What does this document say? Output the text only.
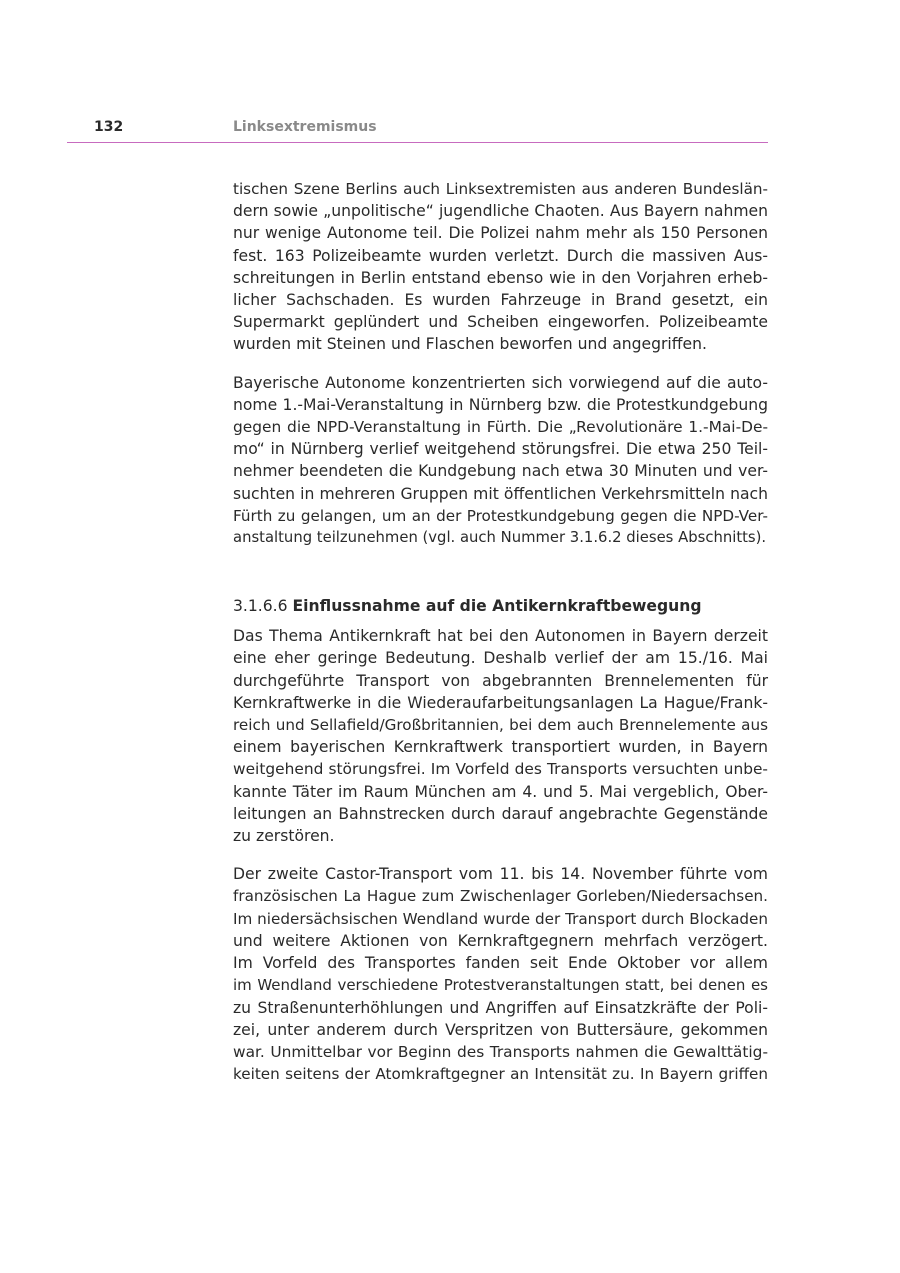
132	Linksextremismus
tischen Szene Berlins auch Linksextremisten aus anderen Bundeslän-
dern sowie „unpolitische“ jugendliche Chaoten. Aus Bayern nahmen
nur wenige Autonome teil. Die Polizei nahm mehr als 150 Personen
fest. 163 Polizeibeamte wurden verletzt. Durch die massiven Aus-
schreitungen in Berlin entstand ebenso wie in den Vorjahren erheb-
licher Sachschaden. Es wurden Fahrzeuge in Brand gesetzt, ein
Supermarkt geplündert und Scheiben eingeworfen. Polizeibeamte
wurden mit Steinen und Flaschen beworfen und angegriffen.
Bayerische Autonome konzentrierten sich vorwiegend auf die auto-
nome 1.-Mai-Veranstaltung in Nürnberg bzw. die Protestkundgebung
gegen die NPD-Veranstaltung in Fürth. Die „Revolutionäre 1.-Mai-De-
mo“ in Nürnberg verlief weitgehend störungsfrei. Die etwa 250 Teil-
nehmer beendeten die Kundgebung nach etwa 30 Minuten und ver-
suchten in mehreren Gruppen mit öffentlichen Verkehrsmitteln nach
Fürth zu gelangen, um an der Protestkundgebung gegen die NPD-Ver-
anstaltung teilzunehmen (vgl. auch Nummer 3.1.6.2 dieses Abschnitts).
3.1.6.6 Einflussnahme auf die Antikernkraftbewegung
Das Thema Antikernkraft hat bei den Autonomen in Bayern derzeit
eine eher geringe Bedeutung. Deshalb verlief der am 15./16. Mai
durchgeführte Transport von abgebrannten Brennelementen für
Kernkraftwerke in die Wiederaufarbeitungsanlagen La Hague/Frank-
reich und Sellafield/Großbritannien, bei dem auch Brennelemente aus
einem bayerischen Kernkraftwerk transportiert wurden, in Bayern
weitgehend störungsfrei. Im Vorfeld des Transports versuchten unbe-
kannte Täter im Raum München am 4. und 5. Mai vergeblich, Ober-
leitungen an Bahnstrecken durch darauf angebrachte Gegenstände
zu zerstören.
Der zweite Castor-Transport vom 11. bis 14. November führte vom
französischen La Hague zum Zwischenlager Gorleben/Niedersachsen.
Im niedersächsischen Wendland wurde der Transport durch Blockaden
und weitere Aktionen von Kernkraftgegnern mehrfach verzögert.
Im Vorfeld des Transportes fanden seit Ende Oktober vor allem
im Wendland verschiedene Protestveranstaltungen statt, bei denen es
zu Straßenunterhöhlungen und Angriffen auf Einsatzkräfte der Poli-
zei, unter anderem durch Verspritzen von Buttersäure, gekommen
war. Unmittelbar vor Beginn des Transports nahmen die Gewalttätig-
keiten seitens der Atomkraftgegner an Intensität zu. In Bayern griffen
